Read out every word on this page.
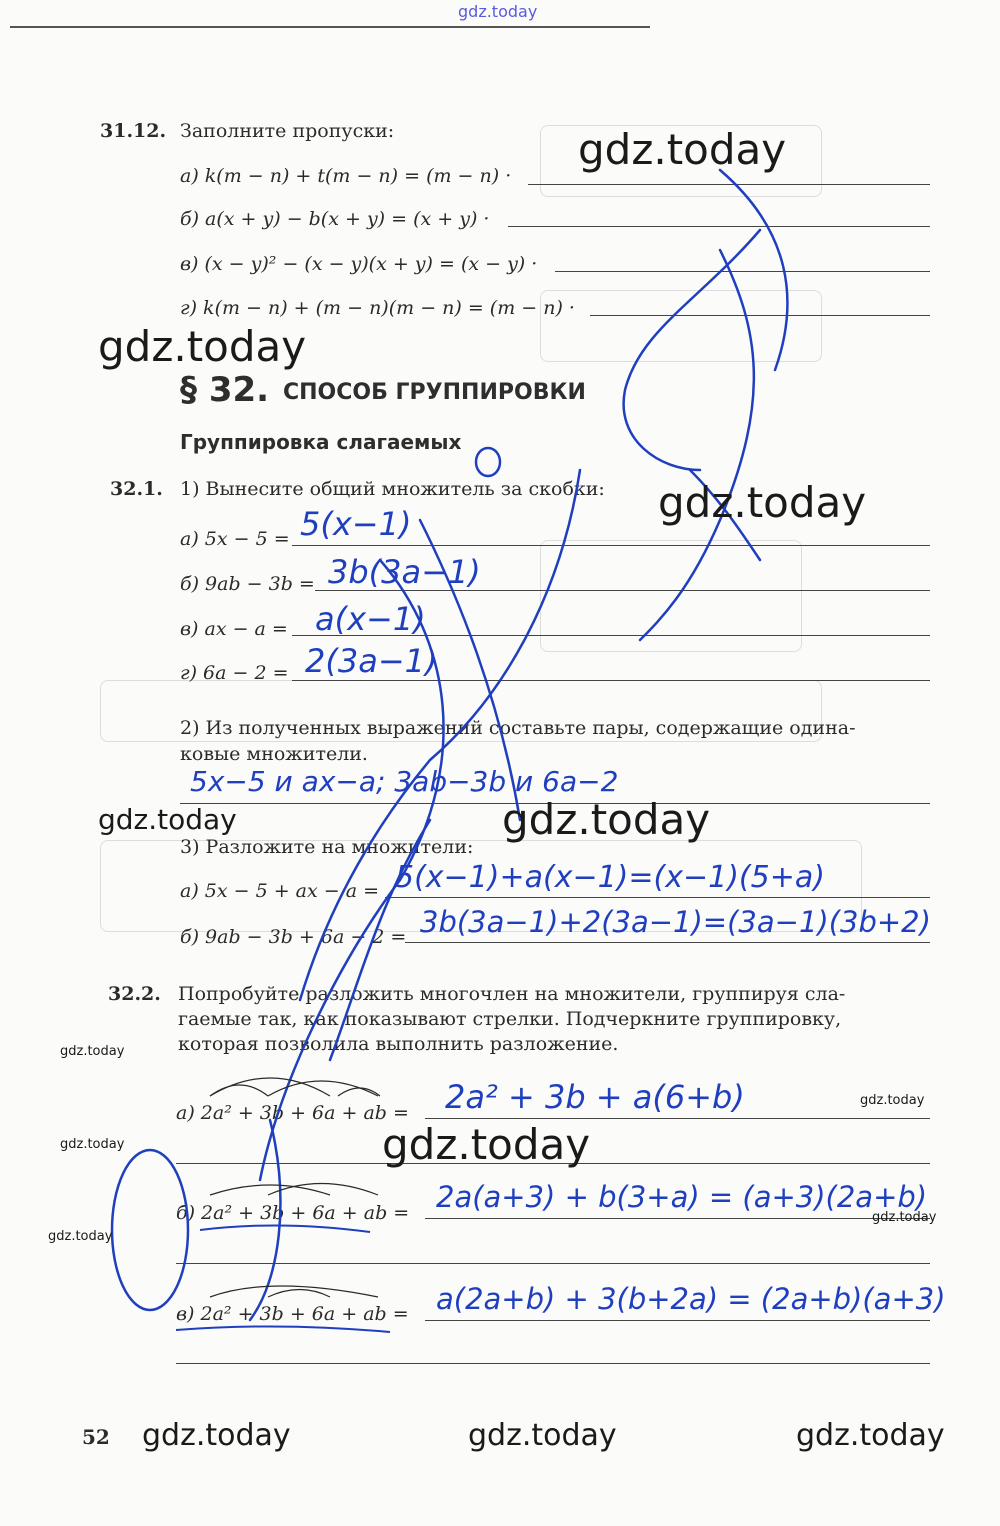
gdz.today
31.12. Заполните пропуски:
а) k(m − n) + t(m − n) = (m − n) ·
б) a(x + y) − b(x + y) = (x + y) ·
в) (x − y)² − (x − y)(x + y) = (x − y) ·
г) k(m − n) + (m − n)(m − n) = (m − n) ·
§ 32. СПОСОБ ГРУППИРОВКИ
Группировка слагаемых
32.1. 1) Вынесите общий множитель за скобки:
а) 5x − 5 = 5(x−1)
б) 9ab − 3b = 3b(3a−1)
в) ax − a = a(x−1)
г) 6a − 2 = 2(3a−1)
2) Из полученных выражений составьте пары, содержащие одина-
ковые множители.
5x−5 и ax−a; 3ab−3b и 6a−2
3) Разложите на множители:
а) 5x − 5 + ax − a = 5(x−1)+a(x−1)=(x−1)(5+a)
б) 9ab − 3b + 6a − 2 = 3b(3a−1)+2(3a−1)=(3a−1)(3b+2)
32.2. Попробуйте разложить многочлен на множители, группируя сла-
гаемые так, как показывают стрелки. Подчеркните группировку,
которая позволила выполнить разложение.
а) 2a² + 3b + 6a + ab = 2a² + 3b + a(6+b)
б) 2a² + 3b + 6a + ab = 2a(a+3) + b(3+a) = (a+3)(2a+b)
в) 2a² + 3b + 6a + ab = a(2a+b) + 3(b+2a) = (2a+b)(a+3)
52
gdz.today
gdz.today
gdz.today
gdz.today	gdz.today
gdz.today
gdz.today
gdz.today	gdz.today
gdz.today
gdz.today
gdz.today	gdz.today	gdz.today
